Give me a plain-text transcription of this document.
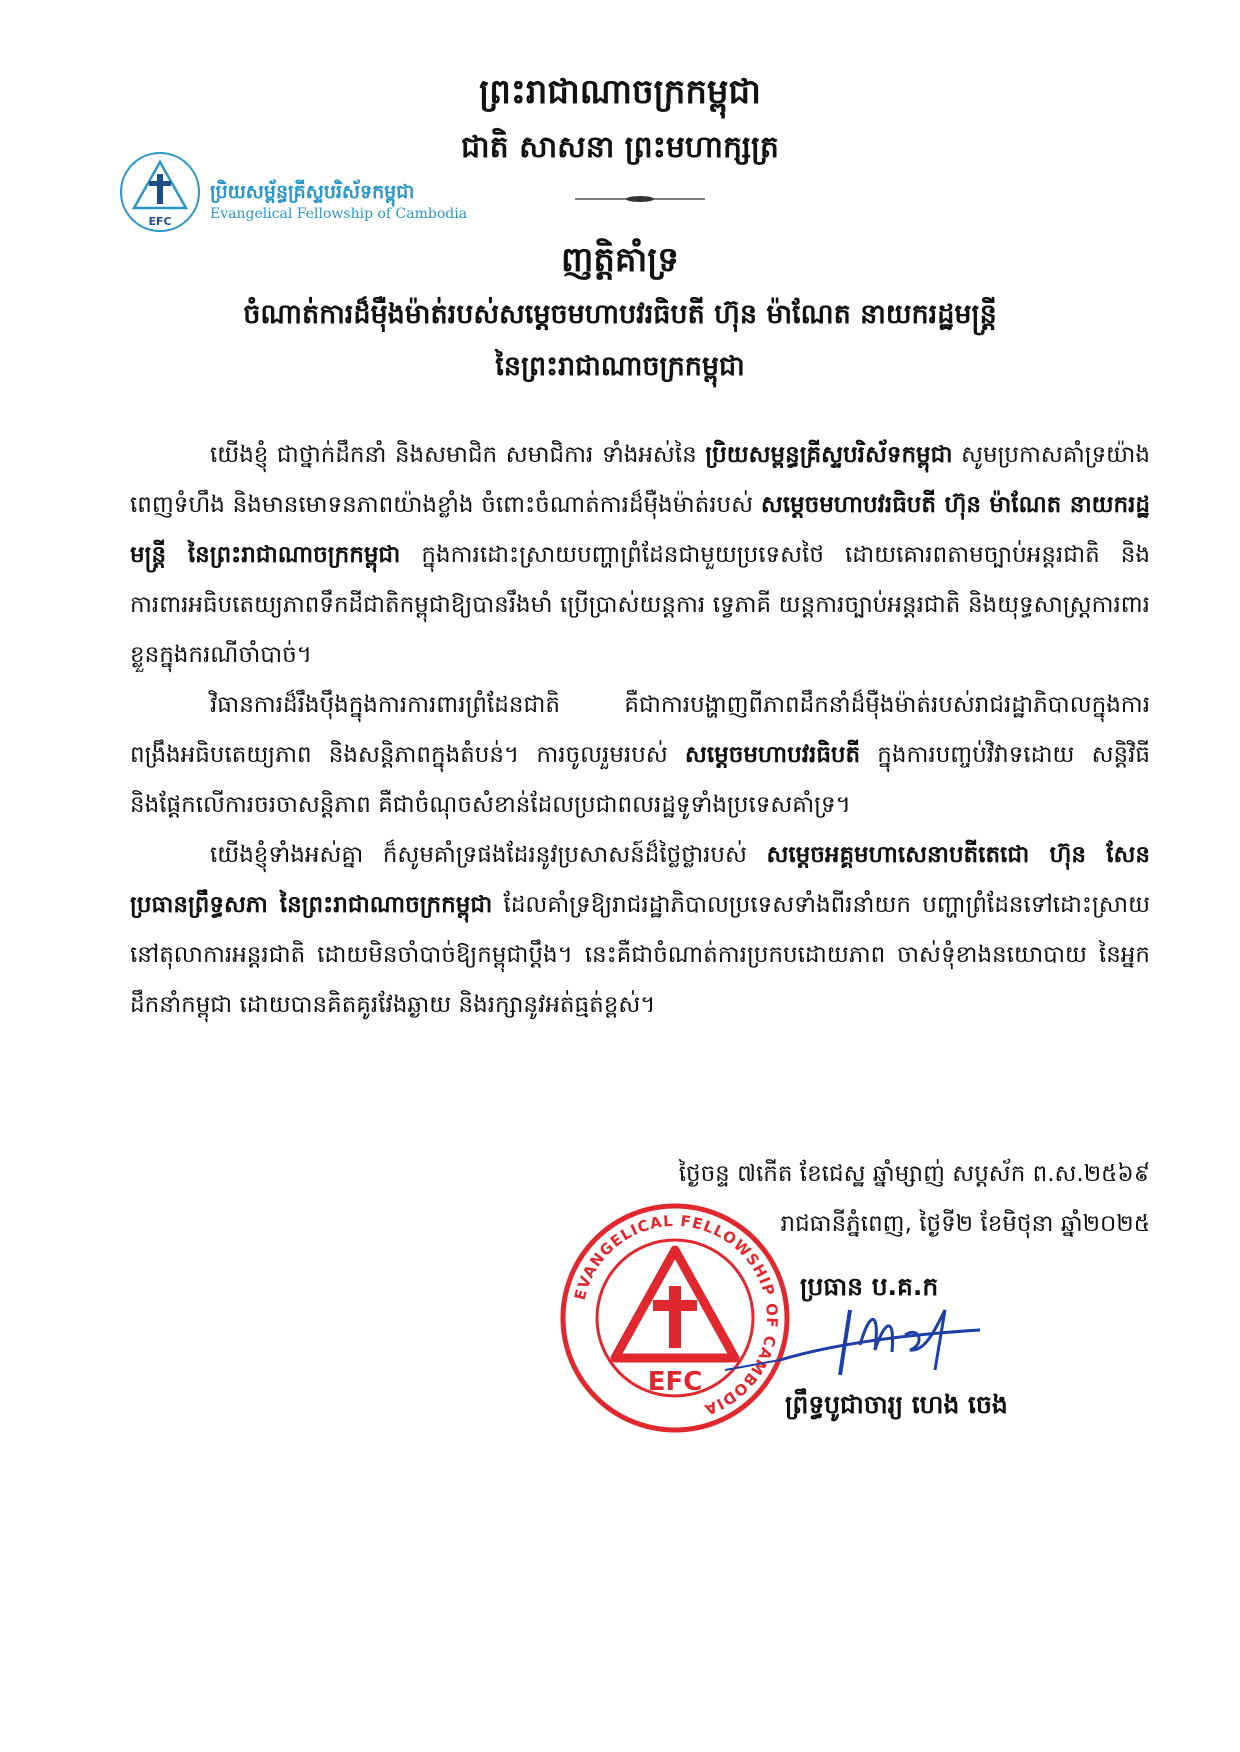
ព្រះរាជាណាចក្រកម្ពុជា
ជាតិ សាសនា ព្រះមហាក្សត្រ
EFC
ប្រិយសម្ព័ន្ធគ្រីស្ទបរិស័ទកម្ពុជា
Evangelical Fellowship of Cambodia
ញត្តិគាំទ្រ
ចំណាត់ការដ៏ម៉ឺងម៉ាត់របស់សម្តេចមហាបវរធិបតី ហ៊ុន ម៉ាណែត នាយករដ្ឋមន្ត្រី
នៃព្រះរាជាណាចក្រកម្ពុជា

យើងខ្ញុំ ជាថ្នាក់ដឹកនាំ និងសមាជិក សមាជិការ ទាំងអស់នៃ ប្រិយសម្ពន្ធគ្រីស្ទបរិស័ទកម្ពុជា សូមប្រកាសគាំទ្រយ៉ាងពេញទំហឹង និងមានមោទនភាពយ៉ាងខ្លាំង ចំពោះចំណាត់ការដ៏ម៉ឺងម៉ាត់របស់ សម្តេចមហាបវរធិបតី ហ៊ុន ម៉ាណែត នាយករដ្ឋមន្ត្រី នៃព្រះរាជាណាចក្រកម្ពុជា ក្នុងការដោះស្រាយបញ្ហាព្រំដែនជាមួយប្រទេសថៃ ដោយគោរពតាមច្បាប់អន្តរជាតិ និងការពារអធិបតេយ្យភាពទឹកដីជាតិកម្ពុជាឱ្យបានរឹងមាំ ប្រើប្រាស់យន្តការ ទ្វេភាគី យន្តការច្បាប់អន្តរជាតិ និងយុទ្ធសាស្ត្រការពារខ្លួនក្នុងករណីចាំបាច់។

វិធានការដ៏រឹងប៉ឹងក្នុងការការពារព្រំដែនជាតិ គឺជាការបង្ហាញពីភាពដឹកនាំដ៏ម៉ឺងម៉ាត់របស់រាជរដ្ឋាភិបាលក្នុងការ ពង្រឹងអធិបតេយ្យភាព និងសន្តិភាពក្នុងតំបន់។ ការចូលរួមរបស់ សម្តេចមហាបវរធិបតី ក្នុងការបញ្ចប់វិវាទដោយ សន្តិវិធី និងផ្តែកលើការចរចាសន្តិភាព គឺជាចំណុចសំខាន់ដែលប្រជាពលរដ្ឋទូទាំងប្រទេសគាំទ្រ។

យើងខ្ញុំទាំងអស់គ្នា ក៏សូមគាំទ្រផងដែរនូវប្រសាសន៍ដ៏ថ្លៃថ្លារបស់ សម្តេចអគ្គមហាសេនាបតីតេជោ ហ៊ុន សែន ប្រធានព្រឹទ្ធសភា នៃព្រះរាជាណាចក្រកម្ពុជា ដែលគាំទ្រឱ្យរាជរដ្ឋាភិបាលប្រទេសទាំងពីរនាំយក បញ្ហាព្រំដែនទៅដោះស្រាយនៅតុលាការអន្តរជាតិ ដោយមិនចាំបាច់ឱ្យកម្ពុជាប្តឹង។ នេះគឺជាចំណាត់ការប្រកបដោយភាព ចាស់ទុំខាងនយោបាយ នៃអ្នកដឹកនាំកម្ពុជា ដោយបានគិតគូរវែងឆ្ងាយ និងរក្សានូវអត់ធ្មត់ខ្ពស់។

ថ្ងៃចន្ទ ៧កើត ខែជេស្ឋ ឆ្នាំម្សាញ់ សប្តស័ក ព.ស.២៥៦៩
រាជធានីភ្នំពេញ, ថ្ងៃទី២ ខែមិថុនា ឆ្នាំ២០២៥
EVANGELICAL FELLOWSHIP OF CAMBODIA
EFC
ប្រធាន ប.គ.ក
ព្រឹទ្ធបូជាចារ្យ ហេង ចេង
